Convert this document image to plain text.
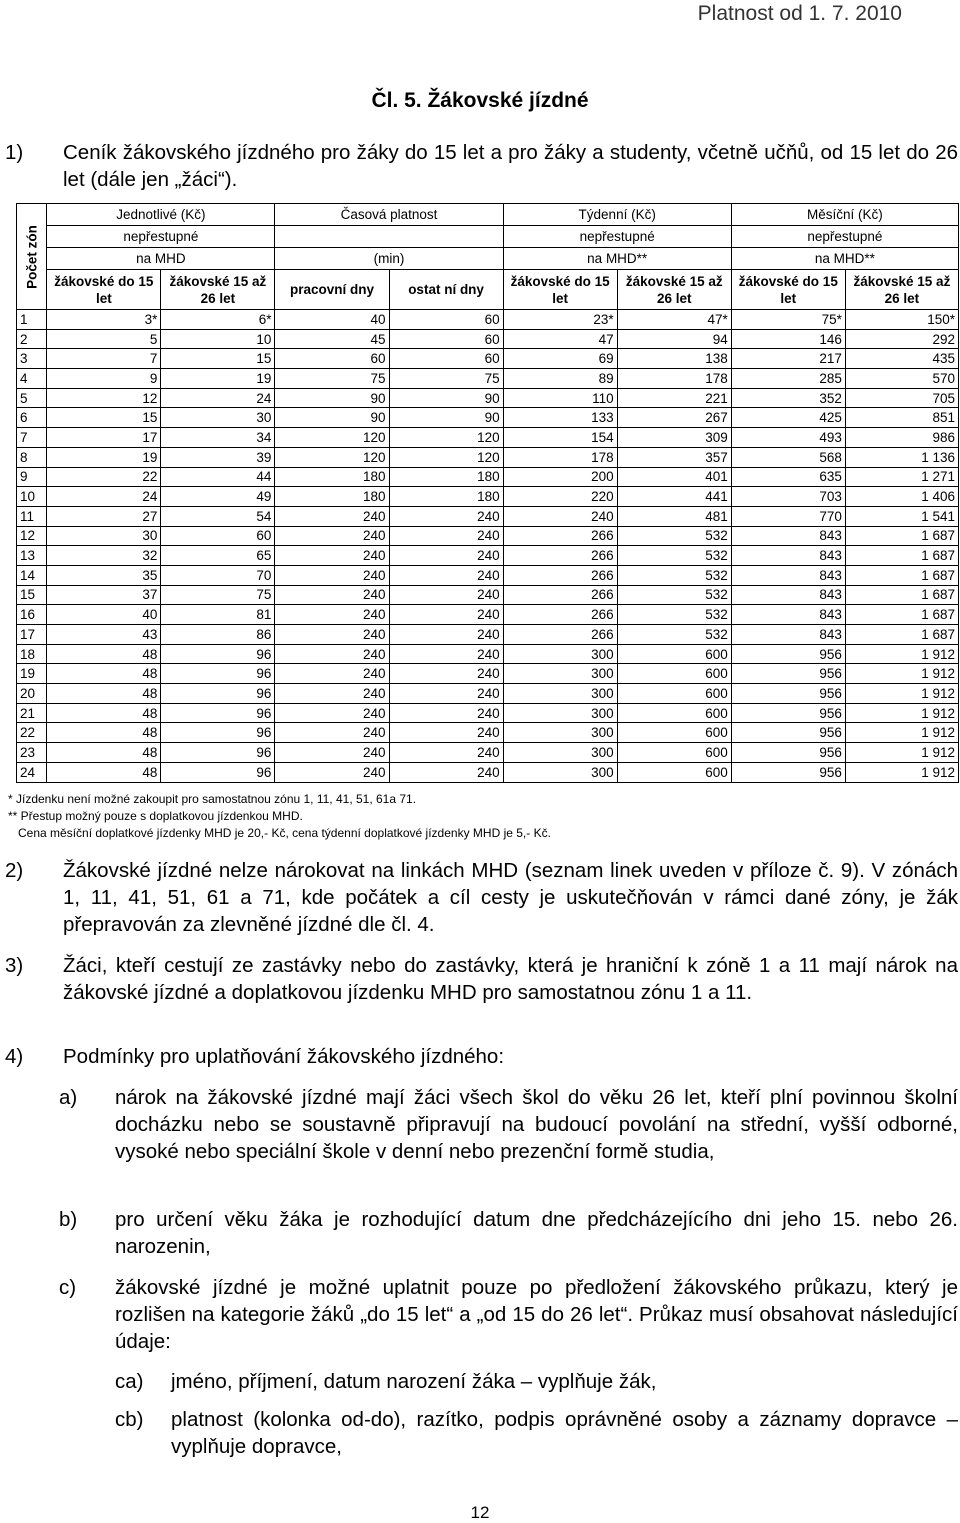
Platnost od 1. 7. 2010
Čl. 5. Žákovské jízdné
1) Ceník žákovského jízdného pro žáky do 15 let a pro žáky a studenty, včetně učňů, od 15 let do 26 let (dále jen „žáci“).
Počet zón	Jednotlivé (Kč)		Časová platnost		Týdenní (Kč)		Měsíční (Kč)	
	nepřestupné				nepřestupné		nepřestupné	
	na MHD		(min)		na MHD**		na MHD**	
	žákovské do 15 let	žákovské 15 až 26 let	pracovní dny	ostat ní dny	žákovské do 15 let	žákovské 15 až 26 let	žákovské do 15 let	žákovské 15 až 26 let
1	3*	6*	40	60	23*	47*	75*	150*
2	5	10	45	60	47	94	146	292
3	7	15	60	60	69	138	217	435
4	9	19	75	75	89	178	285	570
5	12	24	90	90	110	221	352	705
6	15	30	90	90	133	267	425	851
7	17	34	120	120	154	309	493	986
8	19	39	120	120	178	357	568	1 136
9	22	44	180	180	200	401	635	1 271
10	24	49	180	180	220	441	703	1 406
11	27	54	240	240	240	481	770	1 541
12	30	60	240	240	266	532	843	1 687
13	32	65	240	240	266	532	843	1 687
14	35	70	240	240	266	532	843	1 687
15	37	75	240	240	266	532	843	1 687
16	40	81	240	240	266	532	843	1 687
17	43	86	240	240	266	532	843	1 687
18	48	96	240	240	300	600	956	1 912
19	48	96	240	240	300	600	956	1 912
20	48	96	240	240	300	600	956	1 912
21	48	96	240	240	300	600	956	1 912
22	48	96	240	240	300	600	956	1 912
23	48	96	240	240	300	600	956	1 912
24	48	96	240	240	300	600	956	1 912
* Jízdenku není možné zakoupit pro samostatnou zónu 1, 11, 41, 51, 61a 71.
** Přestup možný pouze s doplatkovou jízdenkou MHD.
Cena měsíční doplatkové jízdenky MHD je 20,- Kč, cena týdenní doplatkové jízdenky MHD je 5,- Kč.
2) Žákovské jízdné nelze nárokovat na linkách MHD (seznam linek uveden v příloze č. 9). V zónách 1, 11, 41, 51, 61 a 71, kde počátek a cíl cesty je uskutečňován v rámci dané zóny, je žák přepravován za zlevněné jízdné dle čl. 4.
3) Žáci, kteří cestují ze zastávky nebo do zastávky, která je hraniční k zóně 1 a 11 mají nárok na žákovské jízdné a doplatkovou jízdenku MHD pro samostatnou zónu 1 a 11.
4) Podmínky pro uplatňování žákovského jízdného:
a) nárok na žákovské jízdné mají žáci všech škol do věku 26 let, kteří plní povinnou školní docházku nebo se soustavně připravují na budoucí povolání na střední, vyšší odborné, vysoké nebo speciální škole v denní nebo prezenční formě studia,
b) pro určení věku žáka je rozhodující datum dne předcházejícího dni jeho 15. nebo 26. narozenin,
c) žákovské jízdné je možné uplatnit pouze po předložení žákovského průkazu, který je rozlišen na kategorie žáků „do 15 let“ a „od 15 do 26 let“. Průkaz musí obsahovat následující údaje:
ca) jméno, příjmení, datum narození žáka – vyplňuje žák,
cb) platnost (kolonka od-do), razítko, podpis oprávněné osoby a záznamy dopravce – vyplňuje dopravce,
12
